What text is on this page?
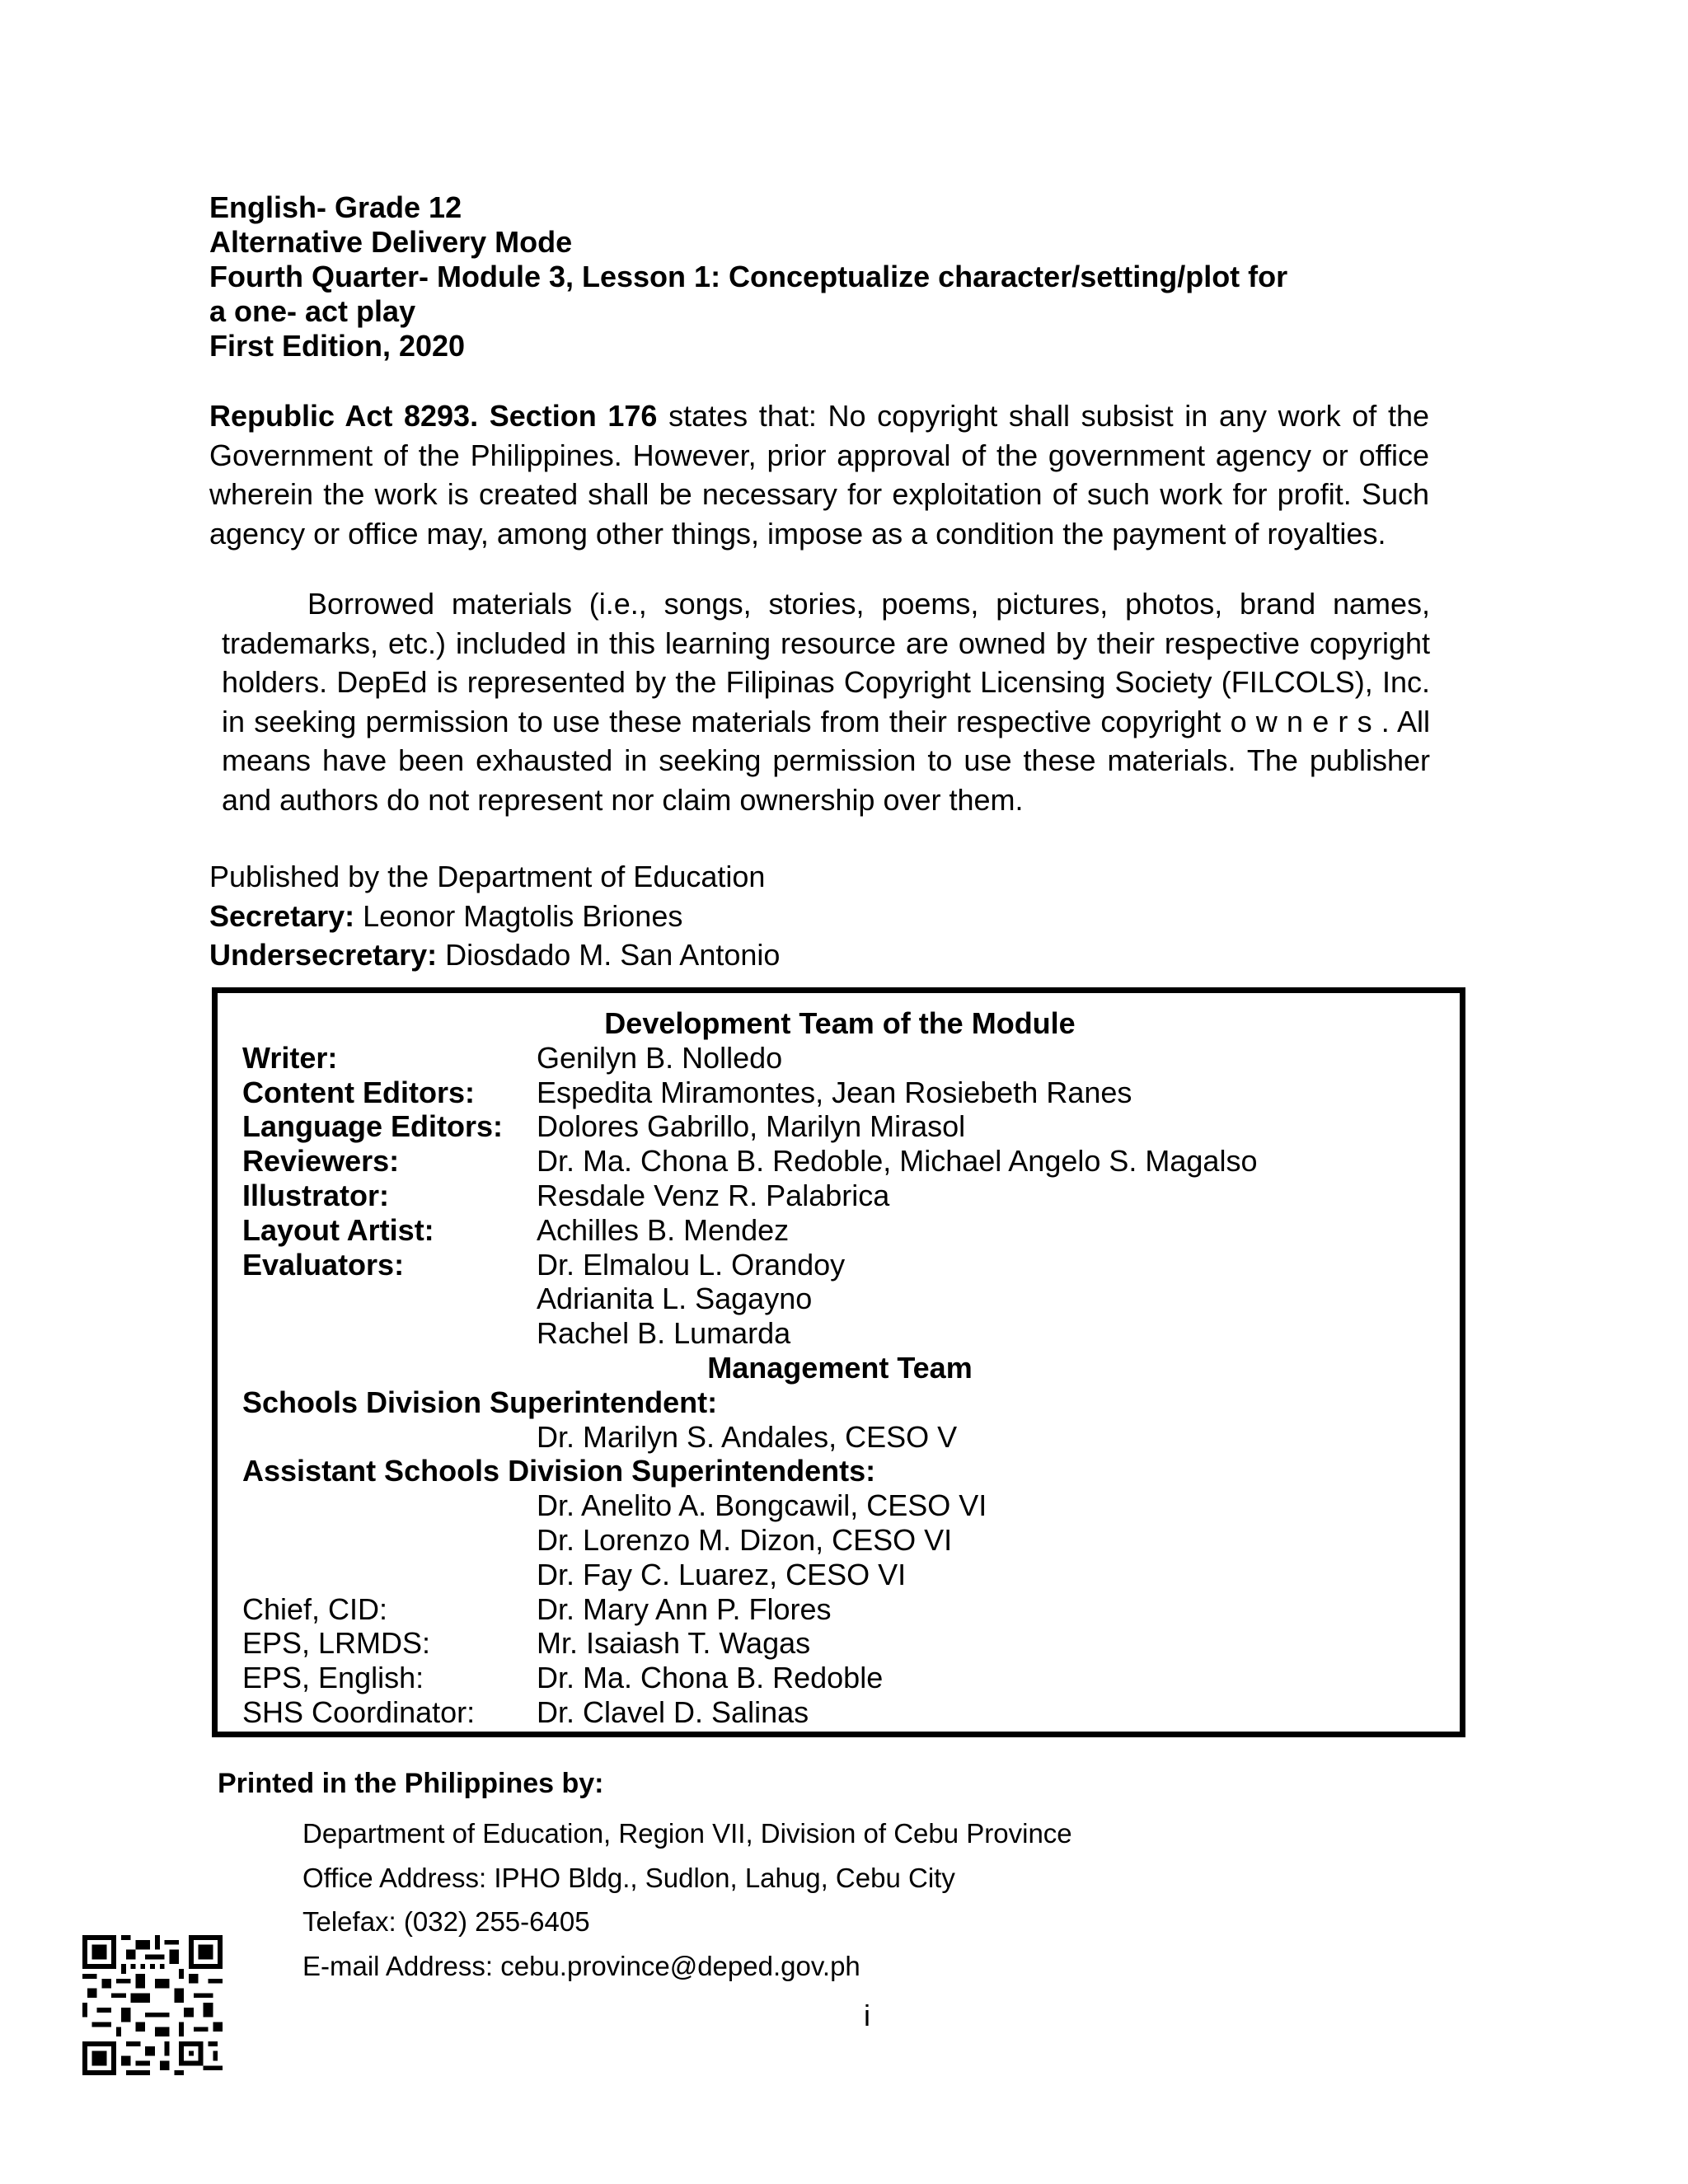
English- Grade 12
Alternative Delivery Mode
Fourth Quarter- Module 3, Lesson 1: Conceptualize character/setting/plot for
a one- act play
First Edition, 2020
Republic Act 8293. Section 176 states that: No copyright shall subsist in any work of the Government of the Philippines. However, prior approval of the government agency or office wherein the work is created shall be necessary for exploitation of such work for profit. Such agency or office may, among other things, impose as a condition the payment of royalties.
Borrowed materials (i.e., songs, stories, poems, pictures, photos, brand names, trademarks, etc.) included in this learning resource are owned by their respective copyright holders. DepEd is represented by the Filipinas Copyright Licensing Society (FILCOLS), Inc. in seeking permission to use these materials from their respective copyright o w n e r s . All means have been exhausted in seeking permission to use these materials. The publisher and authors do not represent nor claim ownership over them.
Published by the Department of Education
Secretary: Leonor Magtolis Briones
Undersecretary: Diosdado M. San Antonio
Development Team of the Module
Writer:	Genilyn B. Nolledo
Content Editors: Espedita Miramontes, Jean Rosiebeth Ranes
Language Editors: Dolores Gabrillo, Marilyn Mirasol
Reviewers:	Dr. Ma. Chona B. Redoble, Michael Angelo S. Magalso
Illustrator:	Resdale Venz R. Palabrica
Layout Artist:	Achilles B. Mendez
Evaluators:	Dr. Elmalou L. Orandoy
Adrianita L. Sagayno
Rachel B. Lumarda
Management Team
Schools Division Superintendent:
Dr. Marilyn S. Andales, CESO V
Assistant Schools Division Superintendents:
Dr. Anelito A. Bongcawil, CESO VI
Dr. Lorenzo M. Dizon, CESO VI
Dr. Fay C. Luarez, CESO VI
Chief, CID:	Dr. Mary Ann P. Flores
EPS, LRMDS:	Mr. Isaiash T. Wagas
EPS, English:	Dr. Ma. Chona B. Redoble
SHS Coordinator: Dr. Clavel D. Salinas
Printed in the Philippines by:
Department of Education, Region VII, Division of Cebu Province
Office Address: IPHO Bldg., Sudlon, Lahug, Cebu City
Telefax: (032) 255-6405
E-mail Address: cebu.province@deped.gov.ph
i
